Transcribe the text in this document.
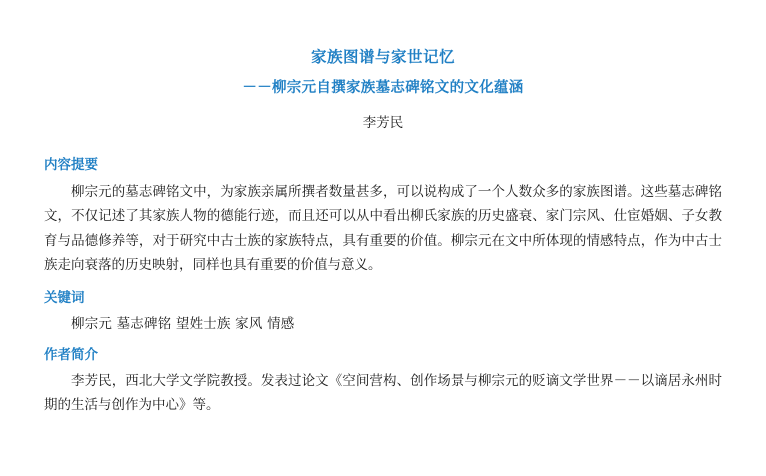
家族图谱与家世记忆
－－柳宗元自撰家族墓志碑铭文的文化蕴涵
李芳民
内容提要
柳宗元的墓志碑铭文中，为家族亲属所撰者数量甚多，可以说构成了一个人数众多的家族图谱。这些墓志碑铭文，不仅记述了其家族人物的德能行迹，而且还可以从中看出柳氏家族的历史盛衰、家门宗风、仕宦婚姻、子女教育与品德修养等，对于研究中古士族的家族特点，具有重要的价值。柳宗元在文中所体现的情感特点，作为中古士族走向衰落的历史映射，同样也具有重要的价值与意义。
关键词
柳宗元 墓志碑铭 望姓士族 家风 情感
作者简介
李芳民，西北大学文学院教授。发表过论文《空间营构、创作场景与柳宗元的贬谪文学世界－－以谪居永州时期的生活与创作为中心》等。
